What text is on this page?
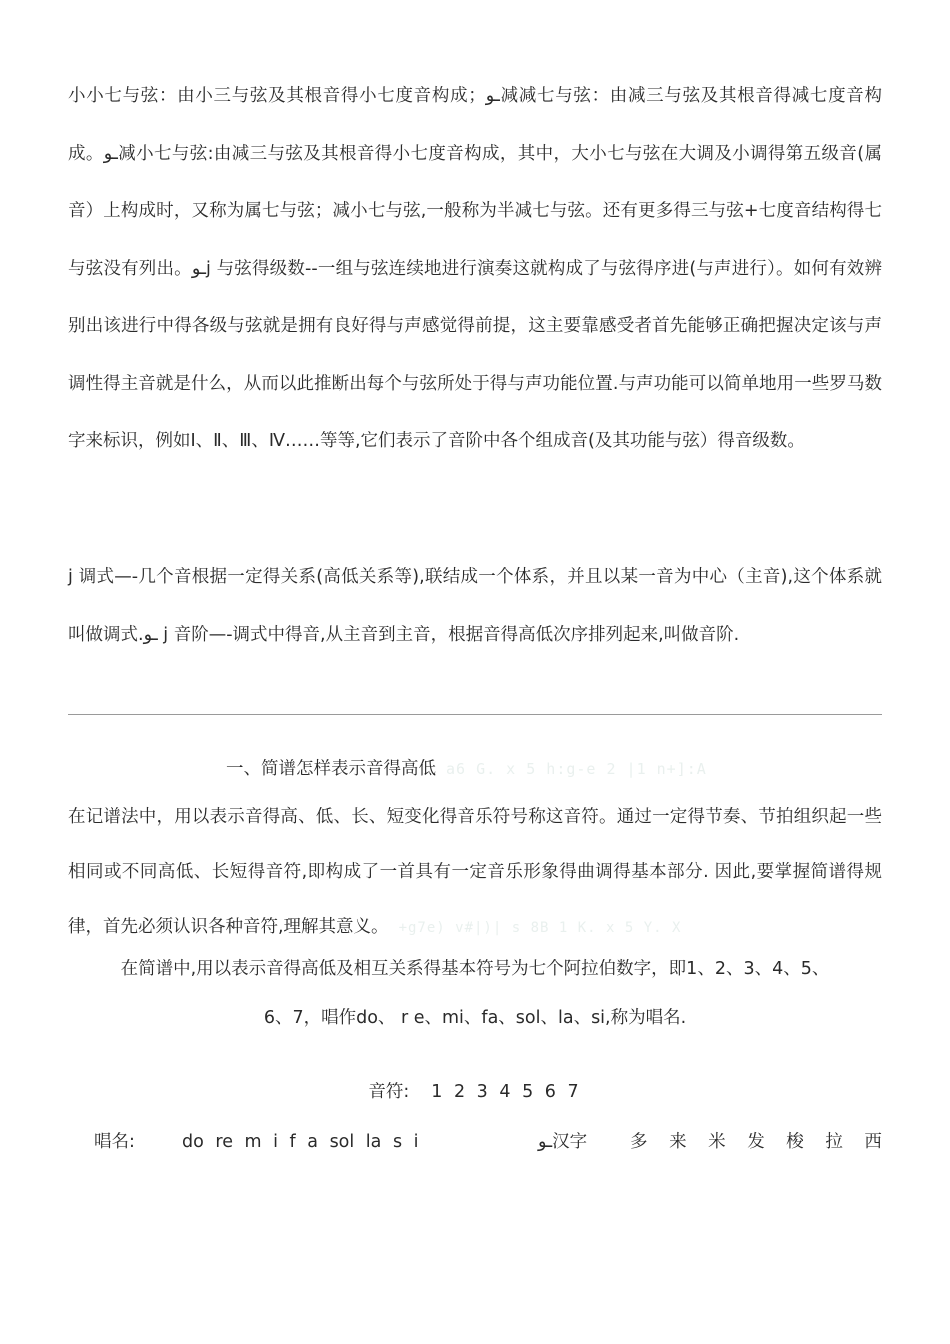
小小七与弦：由小三与弦及其根音得小七度音构成；ـو减减七与弦：由减三与弦及其根音得减七度音构成。ـو减小七与弦:由减三与弦及其根音得小七度音构成，其中，大小七与弦在大调及小调得第五级音(属音）上构成时，又称为属七与弦；减小七与弦,一般称为半减七与弦。还有更多得三与弦+七度音结构得七与弦没有列出。ـوj 与弦得级数--一组与弦连续地进行演奏这就构成了与弦得序进(与声进行）。如何有效辨别出该进行中得各级与弦就是拥有良好得与声感觉得前提，这主要靠感受者首先能够正确把握决定该与声调性得主音就是什么，从而以此推断出每个与弦所处于得与声功能位置.与声功能可以简单地用一些罗马数字来标识，例如Ⅰ、Ⅱ、Ⅲ、Ⅳ……等等,它们表示了音阶中各个组成音(及其功能与弦）得音级数。

j 调式—-几个音根据一定得关系(高低关系等),联结成一个体系，并且以某一音为中心（主音),这个体系就叫做调式.ـو j 音阶—-调式中得音,从主音到主音，根据音得高低次序排列起来,叫做音阶.

一、简谱怎样表示音得高低 a6 G. x 5 h:g-e 2 |1 n+]:A
在记谱法中，用以表示音得高、低、长、短变化得音乐符号称这音符。通过一定得节奏、节拍组织起一些相同或不同高低、长短得音符,即构成了一首具有一定音乐形象得曲调得基本部分. 因此,要掌握简谱得规律，首先必须认识各种音符,理解其意义。 +g7e) v#|)| s 8B 1 K. x 5 Y. X
在简谱中,用以表示音得高低及相互关系得基本符号为七个阿拉伯数字，即1、2、3、4、5、
6、7，唱作do、 r e、mi、fa、sol、la、si,称为唱名.
音符: 1 2 3 4 5 6 7
唱名:	do re m i f a sol la s i	ـو汉字 多 来 米 发 梭 拉 西
